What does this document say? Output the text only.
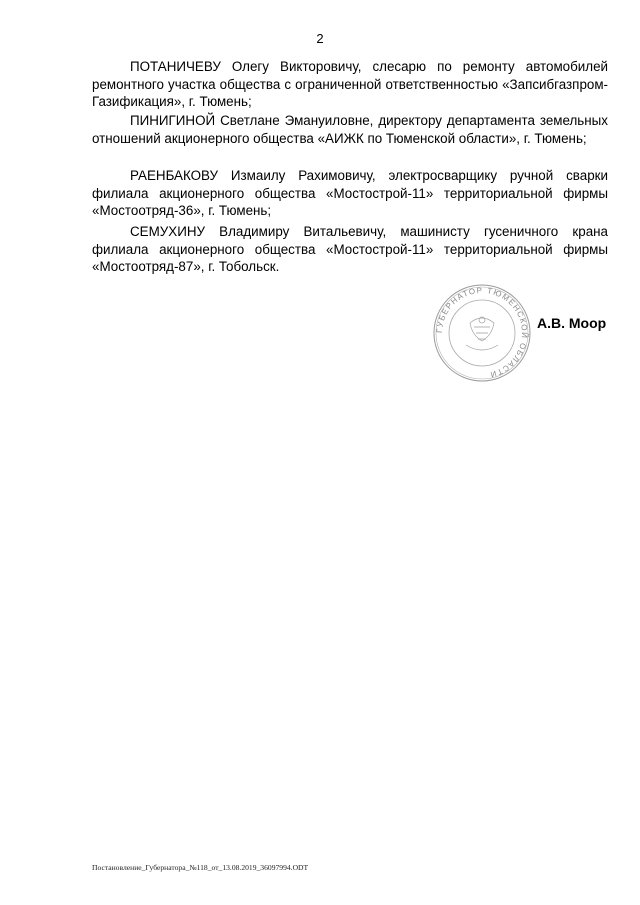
2

ПОТАНИЧЕВУ Олегу Викторовичу, слесарю по ремонту автомобилей ремонтного участка общества с ограниченной ответственностью «Запсибгазпром-Газификация», г. Тюмень;

ПИНИГИНОЙ Светлане Эмануиловне, директору департамента земельных отношений акционерного общества «АИЖК по Тюменской области», г. Тюмень;

РАЕНБАКОВУ Измаилу Рахимовичу, электросварщику ручной сварки филиала акционерного общества «Мостострой-11» территориальной фирмы «Мостоотряд-36», г. Тюмень;

СЕМУХИНУ Владимиру Витальевичу, машинисту гусеничного крана филиала акционерного общества «Мостострой-11» территориальной фирмы «Мостоотряд-87», г. Тобольск.

ГУБЕРНАТОР ТЮМЕНСКОЙ ОБЛАСТИ
А.В. Моор
Постановление_Губернатора_№118_от_13.08.2019_36097994.ODT
